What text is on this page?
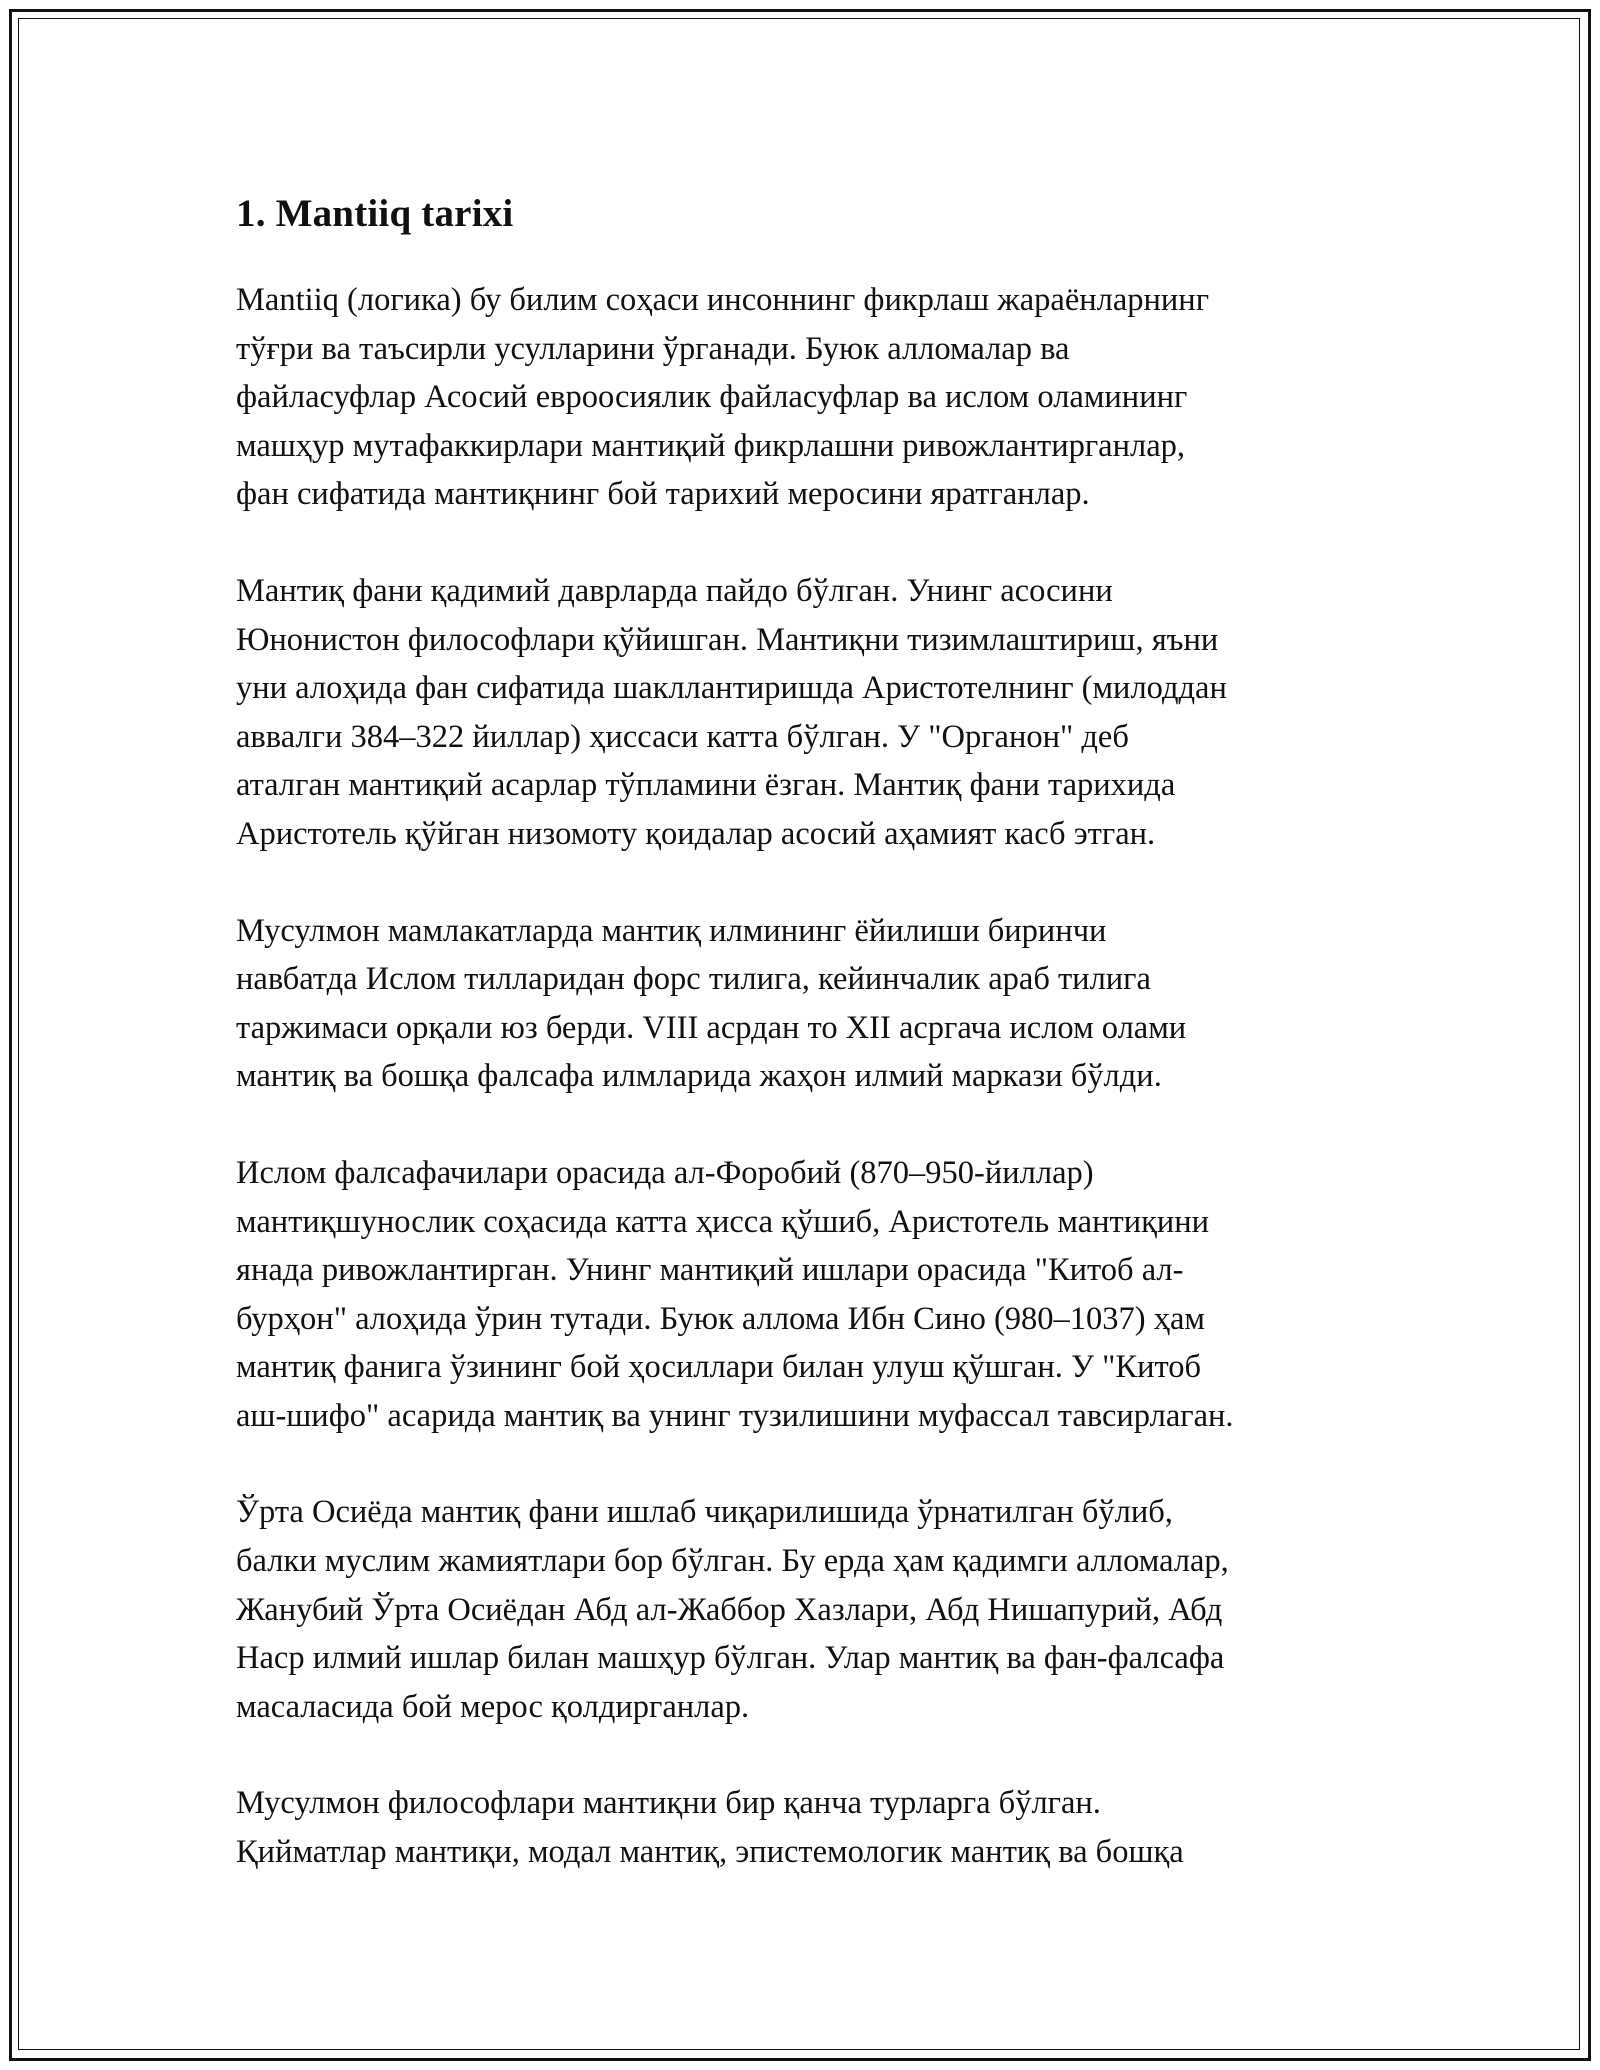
1. Mantiiq tarixi

Mantiiq (логика) бу билим соҳаси инсоннинг фикрлаш жараёнларнинг
тўғри ва таъсирли усулларини ўрганади. Буюк алломалар ва
файласуфлар Асосий евроосиялик файласуфлар ва ислом оламининг
машҳур мутафаккирлари мантиқий фикрлашни ривожлантирганлар,
фан сифатида мантиқнинг бой тарихий меросини яратганлар.

Мантиқ фани қадимий даврларда пайдо бўлган. Унинг асосини
Юнонистон философлари қўйишган. Мантиқни тизимлаштириш, яъни
уни алоҳида фан сифатида шакллантиришда Аристотелнинг (милоддан
аввалги 384–322 йиллар) ҳиссаси катта бўлган. У "Органон" деб
аталган мантиқий асарлар тўпламини ёзган. Мантиқ фани тарихида
Аристотель қўйган низомоту қоидалар асосий аҳамият касб этган.

Мусулмон мамлакатларда мантиқ илмининг ёйилиши биринчи
навбатда Ислом тилларидан форс тилига, кейинчалик араб тилига
таржимаси орқали юз берди. VIII асрдан то XII асргача ислом олами
мантиқ ва бошқа фалсафа илмларида жаҳон илмий маркази бўлди.

Ислом фалсафачилари орасида ал-Форобий (870–950-йиллар)
мантиқшунослик соҳасида катта ҳисса қўшиб, Аристотель мантиқини
янада ривожлантирган. Унинг мантиқий ишлари орасида "Китоб ал-
бурҳон" алоҳида ўрин тутади. Буюк аллома Ибн Сино (980–1037) ҳам
мантиқ фанига ўзининг бой ҳосиллари билан улуш қўшган. У "Китоб
аш-шифо" асарида мантиқ ва унинг тузилишини муфассал тавсирлаган.

Ўрта Осиёда мантиқ фани ишлаб чиқарилишида ўрнатилган бўлиб,
балки муслим жамиятлари бор бўлган. Бу ерда ҳам қадимги алломалар,
Жанубий Ўрта Осиёдан Абд ал-Жаббор Хазлари, Абд Нишапурий, Абд
Наср илмий ишлар билан машҳур бўлган. Улар мантиқ ва фан-фалсафа
масаласида бой мерос қолдирганлар.

Мусулмон философлари мантиқни бир қанча турларга бўлган.
Қийматлар мантиқи, модал мантиқ, эпистемологик мантиқ ва бошқа
